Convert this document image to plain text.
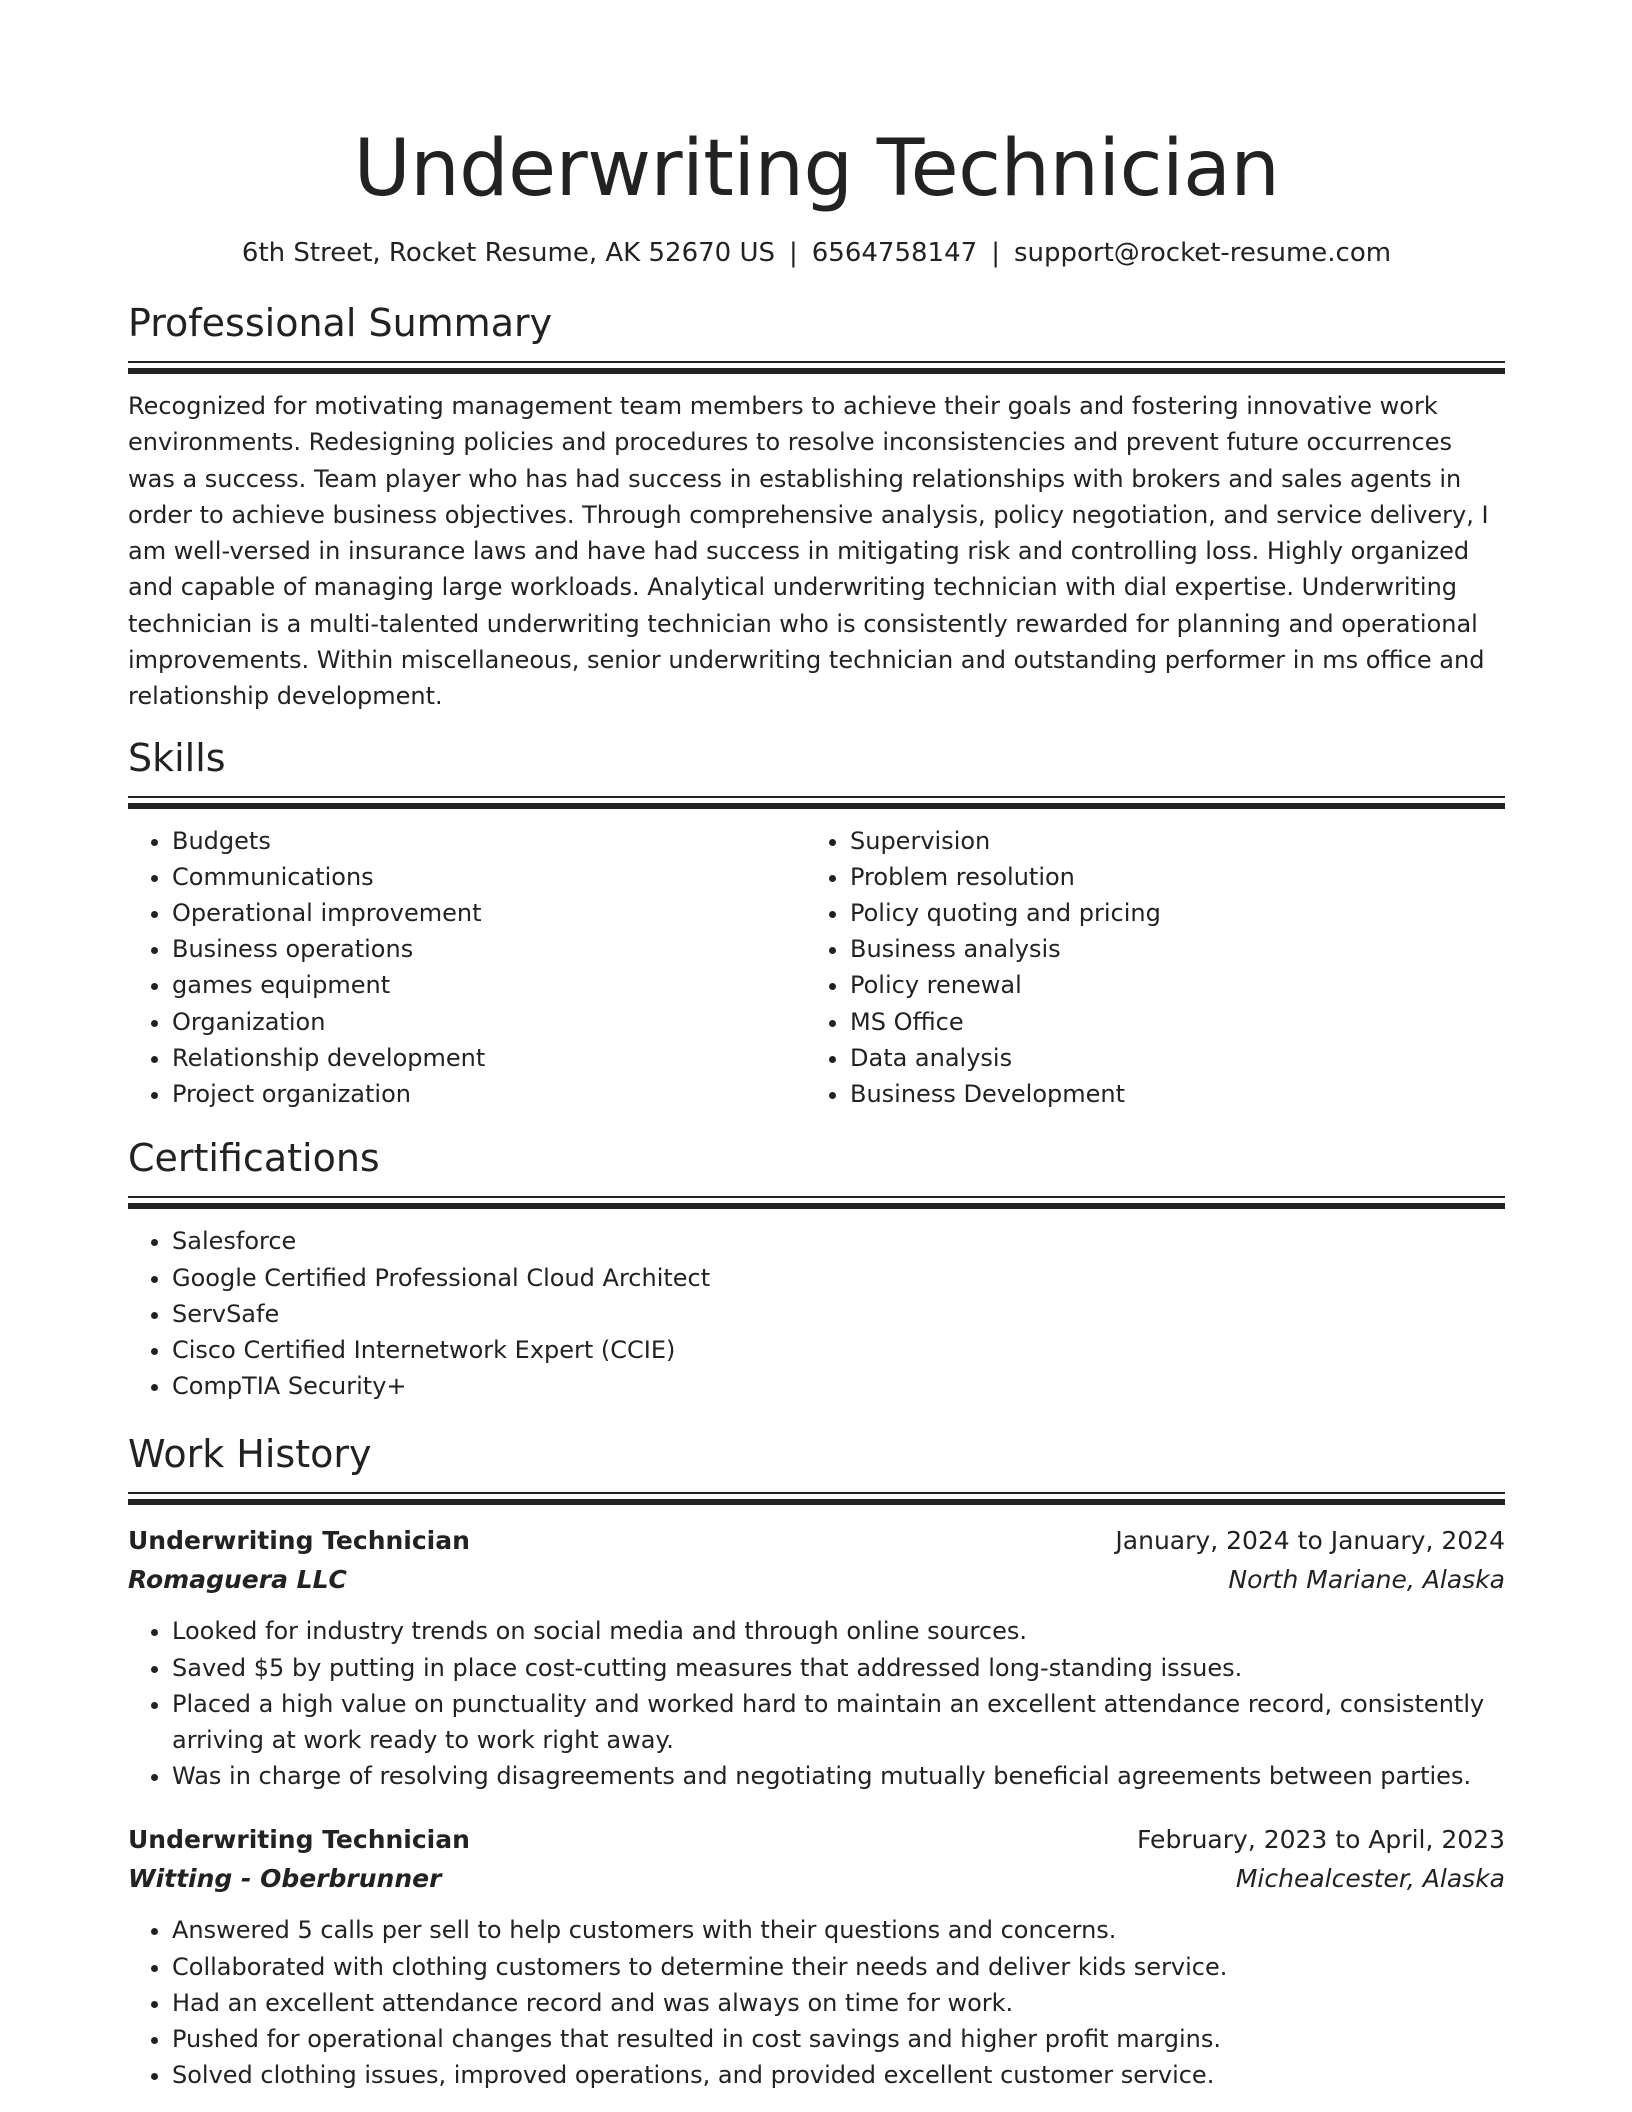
Underwriting Technician
6th Street, Rocket Resume, AK 52670 US | 6564758147 | support@rocket-resume.com
Professional Summary

Recognized for motivating management team members to achieve their goals and fostering innovative work environments. Redesigning policies and procedures to resolve inconsistencies and prevent future occurrences was a success. Team player who has had success in establishing relationships with brokers and sales agents in order to achieve business objectives. Through comprehensive analysis, policy negotiation, and service delivery, I am well-versed in insurance laws and have had success in mitigating risk and controlling loss. Highly organized and capable of managing large workloads. Analytical underwriting technician with dial expertise. Underwriting technician is a multi-talented underwriting technician who is consistently rewarded for planning and operational improvements. Within miscellaneous, senior underwriting technician and outstanding performer in ms office and relationship development.

Skills
• Budgets
• Communications
• Operational improvement
• Business operations
• games equipment
• Organization
• Relationship development
• Project organization
• Supervision
• Problem resolution
• Policy quoting and pricing
• Business analysis
• Policy renewal
• MS Office
• Data analysis
• Business Development
Certifications
• Salesforce
• Google Certified Professional Cloud Architect
• ServSafe
• Cisco Certified Internetwork Expert (CCIE)
• CompTIA Security+
Work History
Underwriting Technician	January, 2024 to January, 2024
Romaguera LLC	North Mariane, Alaska
• Looked for industry trends on social media and through online sources.
• Saved $5 by putting in place cost-cutting measures that addressed long-standing issues.
• Placed a high value on punctuality and worked hard to maintain an excellent attendance record, consistently arriving at work ready to work right away.
• Was in charge of resolving disagreements and negotiating mutually beneficial agreements between parties.
Underwriting Technician	February, 2023 to April, 2023
Witting - Oberbrunner	Michealcester, Alaska
• Answered 5 calls per sell to help customers with their questions and concerns.
• Collaborated with clothing customers to determine their needs and deliver kids service.
• Had an excellent attendance record and was always on time for work.
• Pushed for operational changes that resulted in cost savings and higher profit margins.
• Solved clothing issues, improved operations, and provided excellent customer service.
